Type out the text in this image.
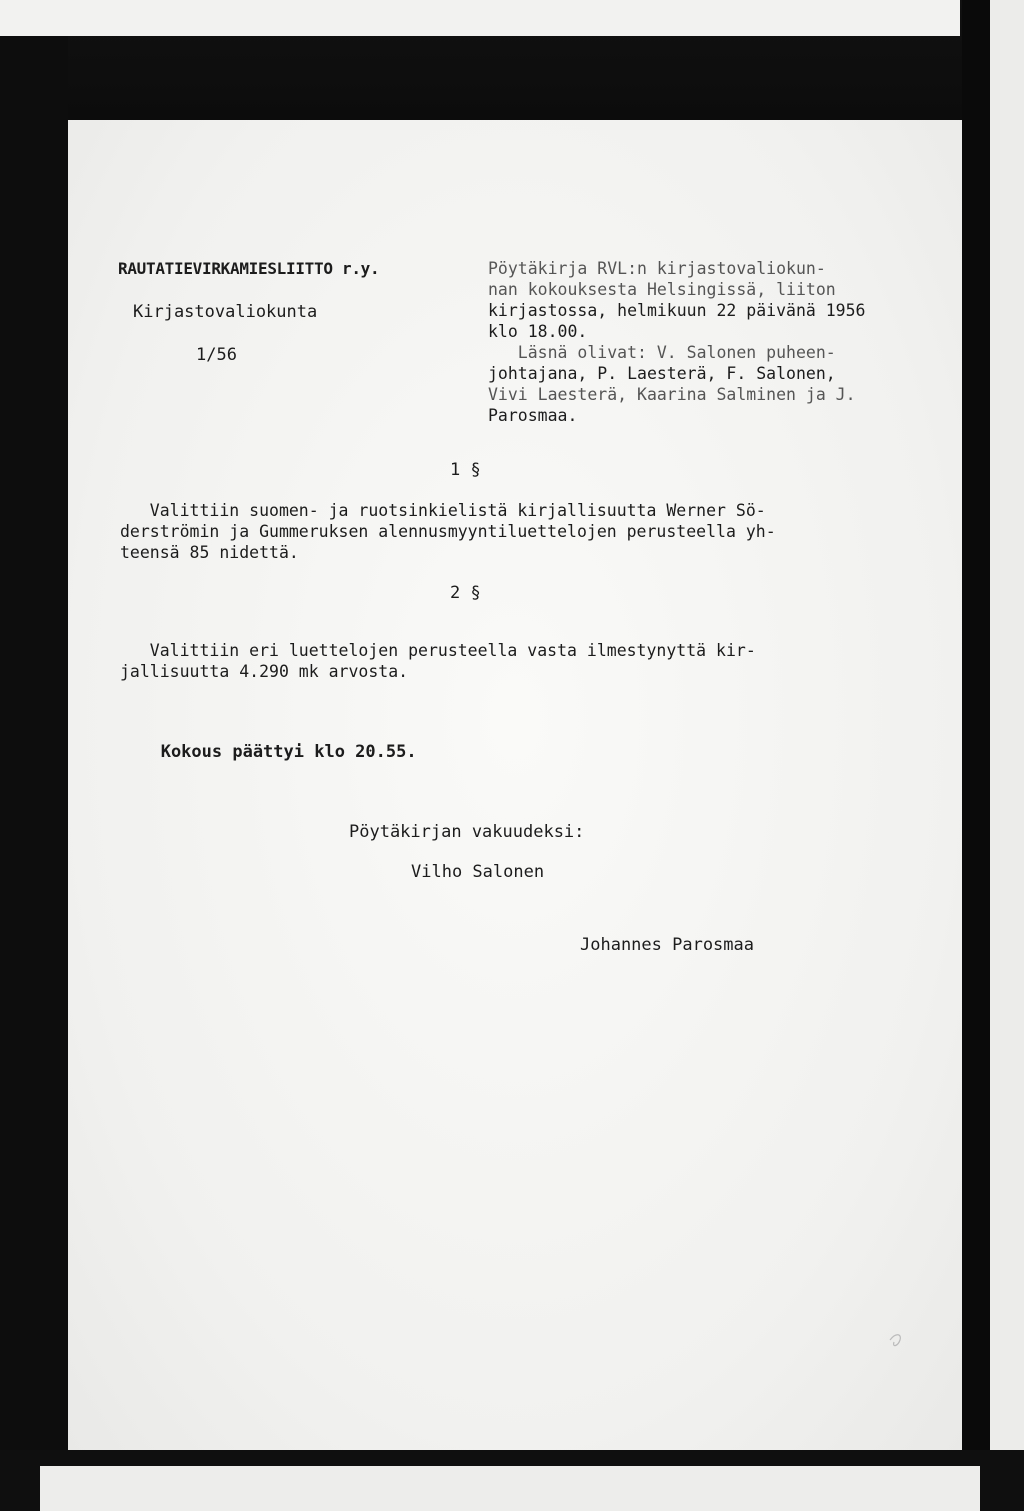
RAUTATIEVIRKAMIESLIITTO r.y.
Kirjastovaliokunta
1/56
Pöytäkirja RVL:n kirjastovaliokun-
nan kokouksesta Helsingissä, liiton
kirjastossa, helmikuun 22 päivänä 1956
klo 18.00.
Läsnä olivat: V. Salonen puheen-
johtajana, P. Laesterä, F. Salonen,
Vivi Laesterä, Kaarina Salminen ja J.
Parosmaa.
1 §
Valittiin suomen- ja ruotsinkielistä kirjallisuutta Werner Sö-
derströmin ja Gummeruksen alennusmyyntiluettelojen perusteella yh-
teensä 85 nidettä.
2 §
Valittiin eri luettelojen perusteella vasta ilmestynyttä kir-
jallisuutta 4.290 mk arvosta.
Kokous päättyi klo 20.55.
Pöytäkirjan vakuudeksi:
Vilho Salonen
Johannes Parosmaa
